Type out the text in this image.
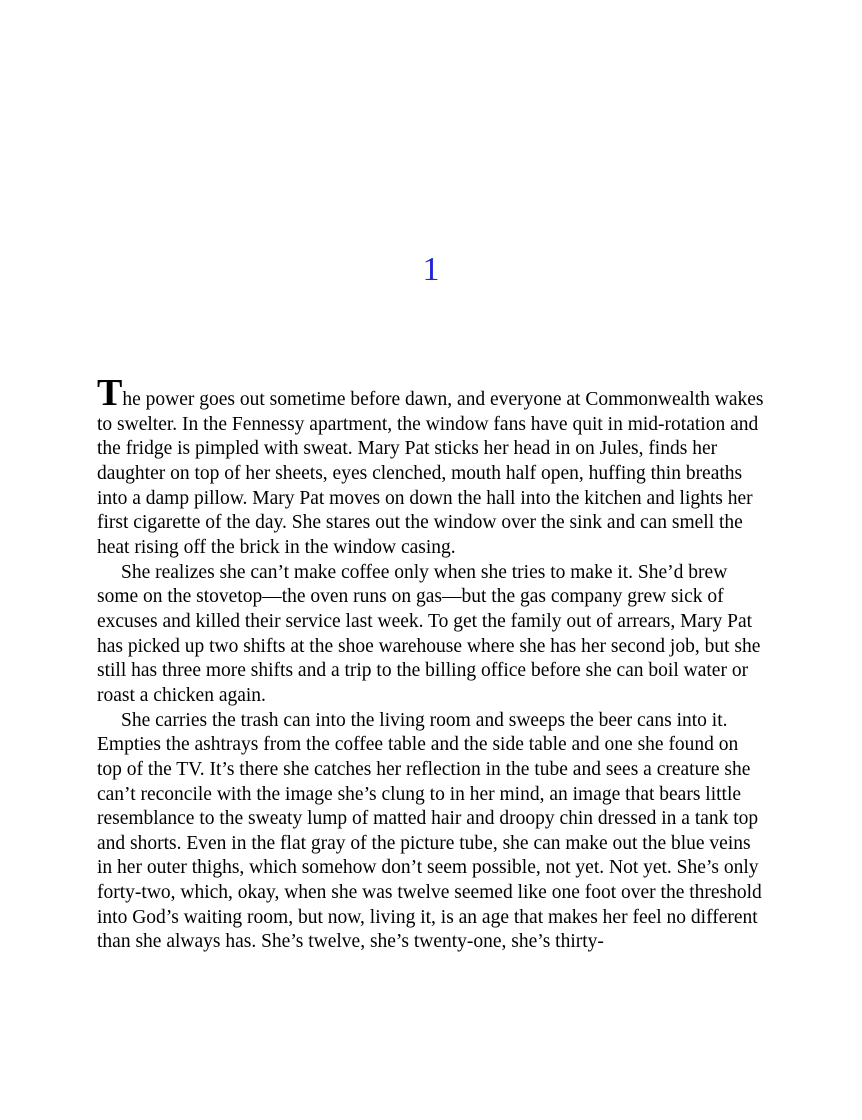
1

The power goes out sometime before dawn, and everyone at Commonwealth wakes to swelter. In the Fennessy apartment, the window fans have quit in mid-rotation and the fridge is pimpled with sweat. Mary Pat sticks her head in on Jules, finds her daughter on top of her sheets, eyes clenched, mouth half open, huffing thin breaths into a damp pillow. Mary Pat moves on down the hall into the kitchen and lights her first cigarette of the day. She stares out the window over the sink and can smell the heat rising off the brick in the window casing.

She realizes she can’t make coffee only when she tries to make it. She’d brew some on the stovetop—the oven runs on gas—but the gas company grew sick of excuses and killed their service last week. To get the family out of arrears, Mary Pat has picked up two shifts at the shoe warehouse where she has her second job, but she still has three more shifts and a trip to the billing office before she can boil water or roast a chicken again.

She carries the trash can into the living room and sweeps the beer cans into it. Empties the ashtrays from the coffee table and the side table and one she found on top of the TV. It’s there she catches her reflection in the tube and sees a creature she can’t reconcile with the image she’s clung to in her mind, an image that bears little resemblance to the sweaty lump of matted hair and droopy chin dressed in a tank top and shorts. Even in the flat gray of the picture tube, she can make out the blue veins in her outer thighs, which somehow don’t seem possible, not yet. Not yet. She’s only forty-two, which, okay, when she was twelve seemed like one foot over the threshold into God’s waiting room, but now, living it, is an age that makes her feel no different than she always has. She’s twelve, she’s twenty-one, she’s thirty-
